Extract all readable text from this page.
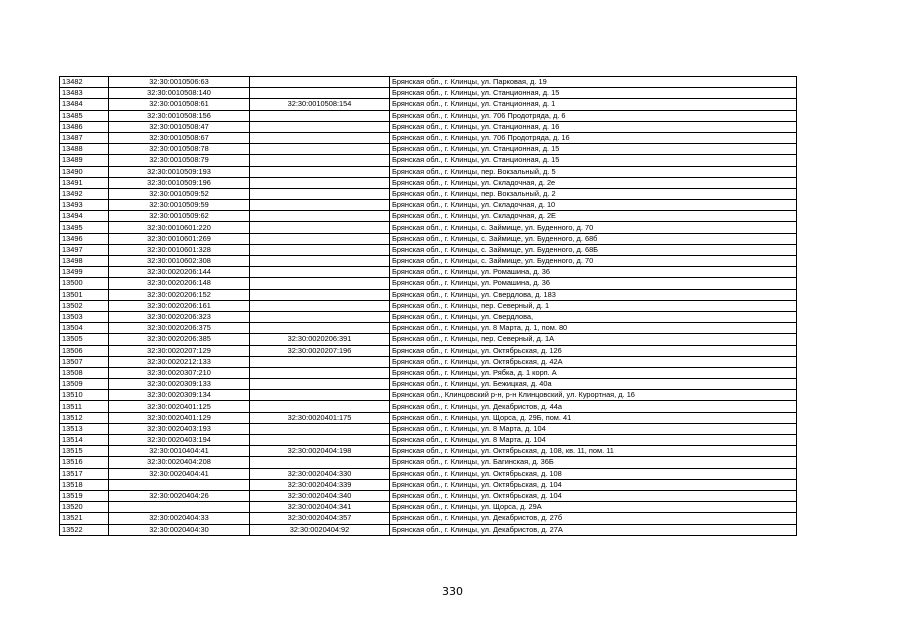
13482	32:30:0010506:63		Брянская обл., г. Клинцы, ул. Парковая, д. 19
13483	32:30:0010508:140		Брянская обл., г. Клинцы, ул. Станционная, д. 15
13484	32:30:0010508:61	32:30:0010508:154	Брянская обл., г. Клинцы, ул. Станционная, д. 1
13485	32:30:0010508:156		Брянская обл., г. Клинцы, ул. 706 Продотряда, д. 6
13486	32:30:0010508:47		Брянская обл., г. Клинцы, ул. Станционная, д. 16
13487	32:30:0010508:67		Брянская обл., г. Клинцы, ул. 706 Продотряда, д. 16
13488	32:30:0010508:78		Брянская обл., г. Клинцы, ул. Станционная, д. 15
13489	32:30:0010508:79		Брянская обл., г. Клинцы, ул. Станционная, д. 15
13490	32:30:0010509:193		Брянская обл., г. Клинцы, пер. Вокзальный, д. 5
13491	32:30:0010509:196		Брянская обл., г. Клинцы, ул. Складочная, д. 2е
13492	32:30:0010509:52		Брянская обл., г. Клинцы, пер. Вокзальный, д. 2
13493	32:30:0010509:59		Брянская обл., г. Клинцы, ул. Складочная, д. 10
13494	32:30:0010509:62		Брянская обл., г. Клинцы, ул. Складочная, д. 2Е
13495	32:30:0010601:220		Брянская обл., г. Клинцы, с. Займище, ул. Буденного, д. 70
13496	32:30:0010601:269		Брянская обл., г. Клинцы, с. Займище, ул. Буденного, д. 68б
13497	32:30:0010601:328		Брянская обл., г. Клинцы, с. Займище, ул. Буденного, д. 68Б
13498	32:30:0010602:308		Брянская обл., г. Клинцы, с. Займище, ул. Буденного, д. 70
13499	32:30:0020206:144		Брянская обл., г. Клинцы, ул. Ромашина, д. 36
13500	32:30:0020206:148		Брянская обл., г. Клинцы, ул. Ромашина, д. 36
13501	32:30:0020206:152		Брянская обл., г. Клинцы, ул. Свердлова, д. 183
13502	32:30:0020206:161		Брянская обл., г. Клинцы, пер. Северный, д. 1
13503	32:30:0020206:323		Брянская обл., г. Клинцы, ул. Свердлова,
13504	32:30:0020206:375		Брянская обл., г. Клинцы, ул. 8 Марта, д. 1, пом. 80
13505	32:30:0020206:385	32:30:0020206:391	Брянская обл., г. Клинцы, пер. Северный, д. 1А
13506	32:30:0020207:129	32:30:0020207:196	Брянская обл., г. Клинцы, ул. Октябрьская, д. 126
13507	32:30:0020212:133		Брянская обл., г. Клинцы, ул. Октябрьская, д. 42А
13508	32:30:0020307:210		Брянская обл., г. Клинцы, ул. Рябка, д. 1 корп. А
13509	32:30:0020309:133		Брянская обл., г. Клинцы, ул. Бежицкая, д. 40а
13510	32:30:0020309:134		Брянская обл., Клинцовский р-н, р-н Клинцовский, ул. Курортная, д. 16
13511	32:30:0020401:125		Брянская обл., г. Клинцы, ул. Декабристов, д. 44а
13512	32:30:0020401:129	32:30:0020401:175	Брянская обл., г. Клинцы, ул. Щорса, д. 29Б, пом. 41
13513	32:30:0020403:193		Брянская обл., г. Клинцы, ул. 8 Марта, д. 104
13514	32:30:0020403:194		Брянская обл., г. Клинцы, ул. 8 Марта, д. 104
13515	32:30:0010404:41	32:30:0020404:198	Брянская обл., г. Клинцы, ул. Октябрьская, д. 108, кв. 11, пом. 11
13516	32:30:0020404:208		Брянская обл., г. Клинцы, ул. Багинская, д. 36Б
13517	32:30:0020404:41	32:30:0020404:330	Брянская обл., г. Клинцы, ул. Октябрьская, д. 108
13518		32:30:0020404:339	Брянская обл., г. Клинцы, ул. Октябрьская, д. 104
13519	32:30:0020404:26	32:30:0020404:340	Брянская обл., г. Клинцы, ул. Октябрьская, д. 104
13520		32:30:0020404:341	Брянская обл., г. Клинцы, ул. Щорса, д. 29А
13521	32:30:0020404:33	32:30:0020404:357	Брянская обл., г. Клинцы, ул. Декабристов, д. 27б
13522	32:30:0020404:30	32:30:0020404:92	Брянская обл., г. Клинцы, ул. Декабристов, д. 27А
330
